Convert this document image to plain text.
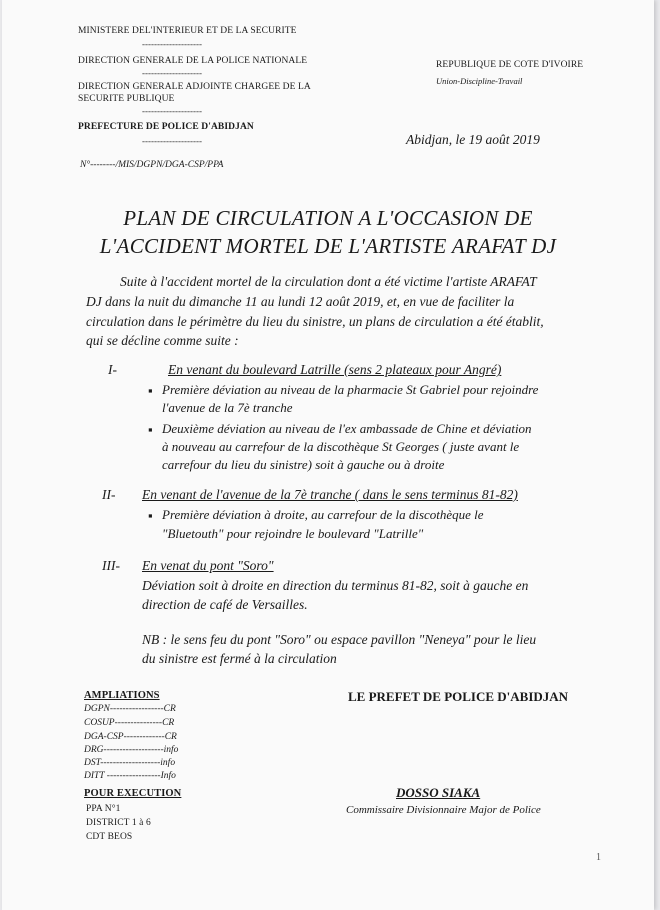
MINISTERE DEL'INTERIEUR ET DE LA SECURITE
--------------------
DIRECTION GENERALE DE LA POLICE NATIONALE
--------------------
DIRECTION GENERALE ADJOINTE CHARGEE DE LA
SECURITE PUBLIQUE
--------------------
PREFECTURE DE POLICE D'ABIDJAN
--------------------
N°--------/MIS/DGPN/DGA-CSP/PPA
REPUBLIQUE DE COTE D'IVOIRE
Union-Discipline-Travail
Abidjan, le 19 août 2019
PLAN DE CIRCULATION A L'OCCASION DE
L'ACCIDENT MORTEL DE L'ARTISTE ARAFAT DJ
Suite à l'accident mortel de la circulation dont a été victime l'artiste ARAFAT
DJ dans la nuit du dimanche 11 au lundi 12 août 2019, et, en vue de faciliter la
circulation dans le périmètre du lieu du sinistre, un plans de circulation a été établit,
qui se décline comme suite :
I-	En venant du boulevard Latrille (sens 2 plateaux pour Angré)
▪ Première déviation au niveau de la pharmacie St Gabriel pour rejoindre
l'avenue de la 7è tranche
▪ Deuxième déviation au niveau de l'ex ambassade de Chine et déviation
à nouveau au carrefour de la discothèque St Georges ( juste avant le
carrefour du lieu du sinistre) soit à gauche ou à droite
II- En venant de l'avenue de la 7è tranche ( dans le sens terminus 81-82)
▪ Première déviation à droite, au carrefour de la discothèque le
"Bluetouth" pour rejoindre le boulevard "Latrille"
III- En venat du pont "Soro"
Déviation soit à droite en direction du terminus 81-82, soit à gauche en
direction de café de Versailles.
NB : le sens feu du pont "Soro" ou espace pavillon "Neneya" pour le lieu
du sinistre est fermé à la circulation
AMPLIATIONS
DGPN-----------------CR
COSUP---------------CR
DGA-CSP-------------CR
DRG-------------------info
DST-------------------info
DITT -----------------Info
POUR EXECUTION
PPA N°1
DISTRICT 1 à 6
CDT BEOS
LE PREFET DE POLICE D'ABIDJAN
DOSSO SIAKA
Commissaire Divisionnaire Major de Police
1
